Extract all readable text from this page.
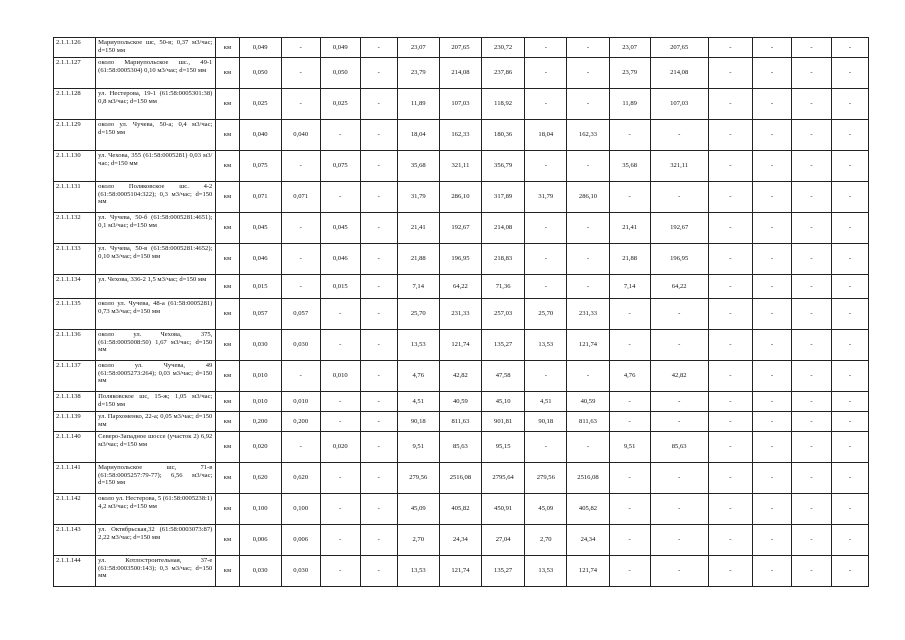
2.1.1.126	Мариупольское шс, 50-в; 0,37 м3/час; d=150 мм	км	0,049	-	0,049	-	23,07	207,65	230,72	-	-	23,07	207,65	-	-	-	-
2.1.1.127	около Мариупольское шс., 49-1 (61:58:0005304) 0,10 м3/час; d=150 мм	км	0,050	-	0,050	-	23,79	214,08	237,86	-	-	23,79	214,08	-	-	-	-
2.1.1.128	ул. Нестерова, 19-1 (61:58:0005301:38) 0,8 м3/час; d=150 мм	км	0,025	-	0,025	-	11,89	107,03	118,92	-	-	11,89	107,03	-	-	-	-
2.1.1.129	около ул. Чучева, 50-а; 0,4 м3/час; d=150 мм	км	0,040	0,040	-	-	18,04	162,33	180,36	18,04	162,33	-	-	-	-	-	-
2.1.1.130	ул. Чехова, 355 (61:58:0005281) 0,03 м3/час; d=150 мм	км	0,075	-	0,075	-	35,68	321,11	356,79	-	-	35,68	321,11	-	-	-	-
2.1.1.131	около Поляковское шс. 4-2 (61:58:0005104:322); 0,3 м3/час; d=150 мм	км	0,071	0,071	-	-	31,79	286,10	317,89	31,79	286,10	-	-	-	-	-	-
2.1.1.132	ул. Чучева, 50-б (61:58:0005281:4651); 0,1 м3/час; d=150 мм	км	0,045	-	0,045	-	21,41	192,67	214,08	-	-	21,41	192,67	-	-	-	-
2.1.1.133	ул. Чучева, 50-в (61:58:0005281:4652); 0,10 м3/час; d=150 мм	км	0,046	-	0,046	-	21,88	196,95	218,83	-	-	21,88	196,95	-	-	-	-
2.1.1.134	ул. Чехова, 336-2 1,5 м3/час; d=150 мм	км	0,015	-	0,015	-	7,14	64,22	71,36	-	-	7,14	64,22	-	-	-	-
2.1.1.135	около ул. Чучева, 48-а (61:58:0005281) 0,73 м3/час; d=150 мм	км	0,057	0,057	-	-	25,70	231,33	257,03	25,70	231,33	-	-	-	-	-	-
2.1.1.136	около ул. Чехова, 375, (61:58:0005008:50) 1,67 м3/час; d=150 мм	км	0,030	0,030	-	-	13,53	121,74	135,27	13,53	121,74	-	-	-	-	-	-
2.1.1.137	около ул. Чучева, 49 (61:58:0005273:264); 0,03 м3/час; d=150 мм	км	0,010	-	0,010	-	4,76	42,82	47,58	-	-	4,76	42,82	-	-	-	-
2.1.1.138	Поляковское шс, 15-ж; 1,05 м3/час; d=150 мм	км	0,010	0,010	-	-	4,51	40,59	45,10	4,51	40,59	-	-	-	-	-	-
2.1.1.139	ул. Пархоменко, 22-а; 0,05 м3/час; d=150 мм	км	0,200	0,200	-	-	90,18	811,63	901,81	90,18	811,63	-	-	-	-	-	-
2.1.1.140	Северо-Западное шоссе (участок 2) 6,92 м3/час; d=150 мм	км	0,020	-	0,020	-	9,51	85,63	95,15	-	-	9,51	85,63	-	-	-	-
2.1.1.141	Мариупольское шс, 71-в (61:58:0005257:79-77); 6,56 м3/час; d=150 мм	км	0,620	0,620	-	-	279,56	2516,08	2795,64	279,56	2516,08	-	-	-	-	-	-
2.1.1.142	около ул. Нестерова, 5 (61:58:0005238:1) 4,2 м3/час; d=150 мм	км	0,100	0,100	-	-	45,09	405,82	450,91	45,09	405,82	-	-	-	-	-	-
2.1.1.143	ул. Октябрьская,32 (61:58:0003073:87) 2,22 м3/час; d=150 мм	км	0,006	0,006	-	-	2,70	24,34	27,04	2,70	24,34	-	-	-	-	-	-
2.1.1.144	ул. Котлостроительная, 37-е (61:58:0003500:143); 0,3 м3/час; d=150 мм	км	0,030	0,030	-	-	13,53	121,74	135,27	13,53	121,74	-	-	-	-	-	-
